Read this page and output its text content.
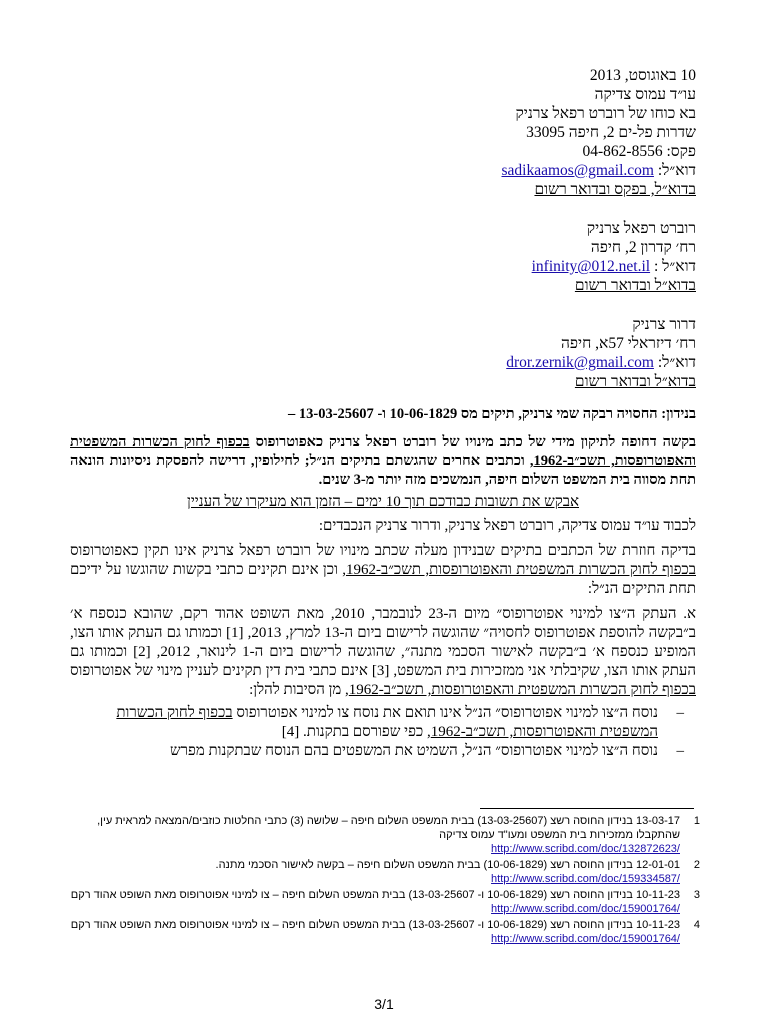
10 באוגוסט, 2013

עו״ד עמוס צדיקה

בא כוחו של רוברט רפאל צרניק

שדרות פל-ים 2, חיפה 33095

פקס: 04-862-8556

דוא״ל: sadikaamos@gmail.com

בדוא״ל, בפקס ובדואר רשום

רוברט רפאל צרניק

רח׳ קדרון 2, חיפה

דוא״ל : infinity@012.net.il

בדוא״ל ובדואר רשום

דרור צרניק

רח׳ דיזראלי 57א, חיפה

דוא״ל: dror.zernik@gmail.com

בדוא״ל ובדואר רשום

בנידון: החסויה רבקה שמי צרניק, תיקים מס 10-06-1829 ו- 13-03-25607 –
בקשה דחופה לתיקון מידי של כתב מינויו של רוברט רפאל צרניק כאפוטרופוס בכפוף לחוק הכשרות המשפטית והאפוטרופסות, תשכ״ב-1962, וכתבים אחרים שהגשתם בתיקים הנ״ל; לחילופין, דרישה להפסקת ניסיונות הונאה תחת מסווה בית המשפט השלום חיפה, הנמשכים מזה יותר מ-3 שנים.
אבקש את תשובות כבודכם תוך 10 ימים – הזמן הוא מעיקרו של העניין

לכבוד עו״ד עמוס צדיקה, רוברט רפאל צרניק, ודרור צרניק הנכבדים:

בדיקה חוזרת של הכתבים בתיקים שבנידון מעלה שכתב מינויו של רוברט רפאל צרניק אינו תקין כאפוטרופוס בכפוף לחוק הכשרות המשפטית והאפוטרופסות, תשכ״ב-1962, וכן אינם תקינים כתבי בקשות שהוגשו על ידיכם תחת התיקים הנ״ל:

א. העתק ה״צו למינוי אפוטרופוס״ מיום ה-23 לנובמבר, 2010, מאת השופט אהוד רקם, שהובא כנספח א׳ ב״בקשה להוספת אפוטרופוס לחסויה״ שהוגשה לרישום ביום ה-13 למרץ, 2013, [1] וכמותו גם העתק אותו הצו, המופיע כנספח א׳ ב״בקשה לאישור הסכמי מתנה״, שהוגשה לרישום ביום ה-1 לינואר, 2012, [2] וכמותו גם העתק אותו הצו, שקיבלתי אני ממזכירות בית המשפט, [3] אינם כתבי בית דין תקינים לעניין מינוי של אפוטרופוס בכפוף לחוק הכשרות המשפטית והאפוטרופסות, תשכ״ב-1962, מן הסיבות להלן:

– נוסח ה״צו למינוי אפוטרופוס״ הנ״ל אינו תואם את נוסח צו למינוי אפוטרופוס בכפוף לחוק הכשרות המשפטית והאפוטרופסות, תשכ״ב-1962, כפי שפורסם בתקנות. [4]
– נוסח ה״צו למינוי אפוטרופוס״ הנ״ל, השמיט את המשפטים בהם הנוסח שבתקנות מפרש
1
13-03-17 בנידון החוסה רשצ (13-03-25607) בבית המשפט השלום חיפה – שלושה (3) כתבי החלטות כוזבים/המצאה למראית עין, שהתקבלו ממזכירות בית המשפט ומעו"ד עמוס צדיקה
http://www.scribd.com/doc/132872623/
2
12-01-01 בנידון החוסה רשצ (10-06-1829) בבית המשפט השלום חיפה – בקשה לאישור הסכמי מתנה.
http://www.scribd.com/doc/159334587/
3
10-11-23 בנידון החוסה רשצ (10-06-1829 ו- 13-03-25607) בבית המשפט השלום חיפה – צו למינוי אפוטרופוס מאת השופט אהוד רקם
http://www.scribd.com/doc/159001764/
4
10-11-23 בנידון החוסה רשצ (10-06-1829 ו- 13-03-25607) בבית המשפט השלום חיפה – צו למינוי אפוטרופוס מאת השופט אהוד רקם
http://www.scribd.com/doc/159001764/
3/1
